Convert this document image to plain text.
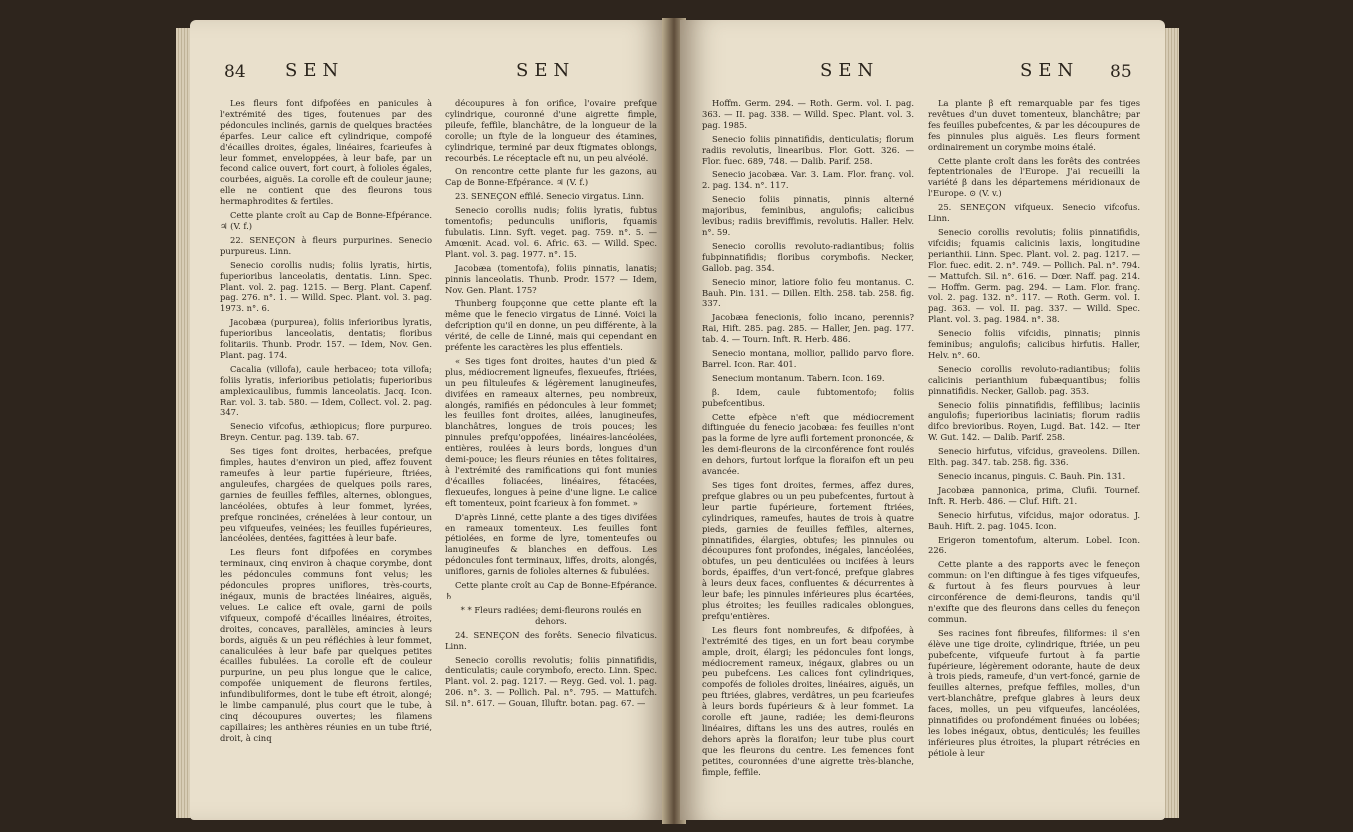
84 SEN	SEN

Les fleurs font difpofées en panicules à l'extrémité des tiges, foutenues par des pédoncules inclinés, garnis de quelques bractées éparfes. Leur calice eft cylindrique, compofé d'écailles droites, égales, linéaires, fcarieufes à leur fommet, enveloppées, à leur bafe, par un fecond calice ouvert, fort court, à folioles égales, courbées, aiguës. La corolle eft de couleur jaune; elle ne contient que des fleurons tous hermaphrodites & fertiles.

Cette plante croît au Cap de Bonne-Efpérance. ♃ (V. f.)

22. SENEÇON à fleurs purpurines. Senecio purpureus. Linn.

Senecio corollis nudis; foliis lyratis, hirtis, fuperioribus lanceolatis, dentatis. Linn. Spec. Plant. vol. 2. pag. 1215. — Berg. Plant. Capenf. pag. 276. n°. 1. — Willd. Spec. Plant. vol. 3. pag. 1973. n°. 6.

Jacobæa (purpurea), foliis inferioribus lyratis, fuperioribus lanceolatis, dentatis; floribus folitariis. Thunb. Prodr. 157. — Idem, Nov. Gen. Plant. pag. 174.

Cacalia (villofa), caule herbaceo; tota villofa; foliis lyratis, inferioribus petiolatis; fuperioribus amplexicaulibus, fummis lanceolatis. Jacq. Icon. Rar. vol. 3. tab. 580. — Idem, Collect. vol. 2. pag. 347.

Senecio vifcofus, æthiopicus; flore purpureo. Breyn. Centur. pag. 139. tab. 67.

Ses tiges font droites, herbacées, prefque fimples, hautes d'environ un pied, affez fouvent rameufes à leur partie fupérieure, ftriées, anguleufes, chargées de quelques poils rares, garnies de feuilles feffiles, alternes, oblongues, lancéolées, obtufes à leur fommet, lyrées, prefque roncinées, crénelées à leur contour, un peu vifqueufes, veinées; les feuilles fupérieures, lancéolées, dentées, fagittées à leur bafe.

Les fleurs font difpofées en corymbes terminaux, cinq environ à chaque corymbe, dont les pédoncules communs font velus; les pédoncules propres uniflores, très-courts, inégaux, munis de bractées linéaires, aiguës, velues. Le calice eft ovale, garni de poils vifqueux, compofé d'écailles linéaires, étroites, droites, concaves, parallèles, amincies à leurs bords, aiguës & un peu réfléchies à leur fommet, canaliculées à leur bafe par quelques petites écailles fubulées. La corolle eft de couleur purpurine, un peu plus longue que le calice, compofée uniquement de fleurons fertiles, infundibuliformes, dont le tube eft étroit, alongé; le limbe campanulé, plus court que le tube, à cinq découpures ouvertes; les filamens capillaires; les anthères réunies en un tube ftrié, droit, à cinq

découpures à fon orifice, l'ovaire prefque cylindrique, couronné d'une aigrette fimple, pileufe, feffile, blanchâtre, de la longueur de la corolle; un ftyle de la longueur des étamines, cylindrique, terminé par deux ftigmates oblongs, recourbés. Le réceptacle eft nu, un peu alvéolé.

On rencontre cette plante fur les gazons, au Cap de Bonne-Efpérance. ♃ (V. f.)

23. SENEÇON effilé. Senecio virgatus. Linn.

Senecio corollis nudis; foliis lyratis, fubtus tomentofis; pedunculis unifloris, fquamis fubulatis. Linn. Syft. veget. pag. 759. n°. 5. — Amœnit. Acad. vol. 6. Afric. 63. — Willd. Spec. Plant. vol. 3. pag. 1977. n°. 15.

Jacobæa (tomentofa), foliis pinnatis, lanatis; pinnis lanceolatis. Thunb. Prodr. 157? — Idem, Nov. Gen. Plant. 175?

Thunberg foupçonne que cette plante eft la même que le fenecio virgatus de Linné. Voici la defcription qu'il en donne, un peu différente, à la vérité, de celle de Linné, mais qui cependant en préfente les caractères les plus effentiels.

« Ses tiges font droites, hautes d'un pied & plus, médiocrement ligneufes, flexueufes, ftriées, un peu filtuleufes & légèrement lanugineufes, divifées en rameaux alternes, peu nombreux, alongés, ramifiés en pédoncules à leur fommet; les feuilles font droites, ailées, lanugineufes, blanchâtres, longues de trois pouces; les pinnules prefqu'oppofées, linéaires-lancéolées, entières, roulées à leurs bords, longues d'un demi-pouce; les fleurs réunies en têtes folitaires, à l'extrémité des ramifications qui font munies d'écailles foliacées, linéaires, fétacées, flexueufes, longues à peine d'une ligne. Le calice eft tomenteux, point fcarieux à fon fommet. »

D'après Linné, cette plante a des tiges divifées en rameaux tomenteux. Les feuilles font pétiolées, en forme de lyre, tomenteufes ou lanugineufes & blanches en deffous. Les pédoncules font terminaux, liffes, droits, alongés, uniflores, garnis de folioles alternes & fubulées.

Cette plante croît au Cap de Bonne-Efpérance. ♄

* * Fleurs radiées; demi-fleurons roulés en dehors.

24. SENEÇON des forêts. Senecio filvaticus. Linn.

Senecio corollis revolutis; foliis pinnatifidis, denticulatis; caule corymbofo, erecto. Linn. Spec. Plant. vol. 2. pag. 1217. — Reyg. Ged. vol. 1. pag. 206. n°. 3. — Pollich. Pal. n°. 795. — Mattufch. Sil. n°. 617. — Gouan, Illuftr. botan. pag. 67. —

SEN	SEN 85

Hoffm. Germ. 294. — Roth. Germ. vol. I. pag. 363. — II. pag. 338. — Willd. Spec. Plant. vol. 3. pag. 1985.

Senecio foliis pinnatifidis, denticulatis; florum radiis revolutis, linearibus. Flor. Gott. 326. — Flor. fuec. 689, 748. — Dalib. Parif. 258.

Senecio jacobæa. Var. 3. Lam. Flor. franç. vol. 2. pag. 134. n°. 117.

Senecio foliis pinnatis, pinnis alterné majoribus, feminibus, angulofis; calicibus levibus; radiis breviffimis, revolutis. Haller. Helv. n°. 59.

Senecio corollis revoluto-radiantibus; foliis fubpinnatifidis; floribus corymbofis. Necker, Gallob. pag. 354.

Senecio minor, latiore folio feu montanus. C. Bauh. Pin. 131. — Dillen. Elth. 258. tab. 258. fig. 337.

Jacobæa fenecionis, folio incano, perennis? Rai, Hift. 285. pag. 285. — Haller, Jen. pag. 177. tab. 4. — Tourn. Inft. R. Herb. 486.

Senecio montana, mollior, pallido parvo flore. Barrel. Icon. Rar. 401.

Senecium montanum. Tabern. Icon. 169.

β. Idem, caule fubtomentofo; foliis pubefcentibus.

Cette efpèce n'eft que médiocrement diftinguée du fenecio jacobæa: fes feuilles n'ont pas la forme de lyre aufli fortement prononcée, & les demi-fleurons de la circonférence font roulés en dehors, furtout lorfque la floraifon eft un peu avancée.

Ses tiges font droites, fermes, affez dures, prefque glabres ou un peu pubefcentes, furtout à leur partie fupérieure, fortement ftriées, cylindriques, rameufes, hautes de trois à quatre pieds, garnies de feuilles feffiles, alternes, pinnatifides, élargies, obtufes; les pinnules ou découpures font profondes, inégales, lancéolées, obtufes, un peu denticulées ou incifées à leurs bords, épaiffes, d'un vert-foncé, prefque glabres à leurs deux faces, confluentes & décurrentes à leur bafe; les pinnules inférieures plus écartées, plus étroites; les feuilles radicales oblongues, prefqu'entières.

Les fleurs font nombreufes, & difpofées, à l'extrémité des tiges, en un fort beau corymbe ample, droit, élargi; les pédoncules font longs, médiocrement rameux, inégaux, glabres ou un peu pubefcens. Les calices font cylindriques, compofés de folioles droites, linéaires, aiguës, un peu ftriées, glabres, verdâtres, un peu fcarieufes à leurs bords fupérieurs & à leur fommet. La corolle eft jaune, radiée; les demi-fleurons linéaires, diftans les uns des autres, roulés en dehors après la floraifon; leur tube plus court que les fleurons du centre. Les femences font petites, couronnées d'une aigrette très-blanche, fimple, feffile.

La plante β eft remarquable par fes tiges revêtues d'un duvet tomenteux, blanchâtre; par fes feuilles pubefcentes, & par les découpures de fes pinnules plus aiguës. Les fleurs forment ordinairement un corymbe moins étalé.

Cette plante croît dans les forêts des contrées feptentrionales de l'Europe. J'ai recueilli la variété β dans les départemens méridionaux de l'Europe. ⊙ (V. v.)

25. SENEÇON vifqueux. Senecio vifcofus. Linn.

Senecio corollis revolutis; foliis pinnatifidis, vifcidis; fquamis calicinis laxis, longitudine perianthii. Linn. Spec. Plant. vol. 2. pag. 1217. — Flor. fuec. edit. 2. n°. 749. — Pollich. Pal. n°. 794. — Mattufch. Sil. n°. 616. — Dœr. Naff. pag. 214. — Hoffm. Germ. pag. 294. — Lam. Flor. franç. vol. 2. pag. 132. n°. 117. — Roth. Germ. vol. I. pag. 363. — vol. II. pag. 337. — Willd. Spec. Plant. vol. 3. pag. 1984. n°. 38.

Senecio foliis vifcidis, pinnatis; pinnis feminibus; angulofis; calicibus hirfutis. Haller, Helv. n°. 60.

Senecio corollis revoluto-radiantibus; foliis calicinis perianthium fubæquantibus; foliis pinnatifidis. Necker, Gallob. pag. 353.

Senecio foliis pinnatifidis, feffilibus; laciniis angulofis; fuperioribus laciniatis; florum radiis difco brevioribus. Royen, Lugd. Bat. 142. — Iter W. Gut. 142. — Dalib. Parif. 258.

Senecio hirfutus, vifcidus, graveolens. Dillen. Elth. pag. 347. tab. 258. fig. 336.

Senecio incanus, pinguis. C. Bauh. Pin. 131.

Jacobæa pannonica, prima, Clufii. Tournef. Inft. R. Herb. 486. — Cluf. Hift. 21.

Senecio hirfutus, vifcidus, major odoratus. J. Bauh. Hift. 2. pag. 1045. Icon.

Erigeron tomentofum, alterum. Lobel. Icon. 226.

Cette plante a des rapports avec le feneçon commun: on l'en diftingue à fes tiges vifqueufes, & furtout à fes fleurs pourvues à leur circonférence de demi-fleurons, tandis qu'il n'exifte que des fleurons dans celles du feneçon commun.

Ses racines font fibreufes, filiformes: il s'en élève une tige droite, cylindrique, ftriée, un peu pubefcente, vifqueufe furtout à fa partie fupérieure, légèrement odorante, haute de deux à trois pieds, rameufe, d'un vert-foncé, garnie de feuilles alternes, prefque feffiles, molles, d'un vert-blanchâtre, prefque glabres à leurs deux faces, molles, un peu vifqueufes, lancéolées, pinnatifides ou profondément finuées ou lobées; les lobes inégaux, obtus, denticulés; les feuilles inférieures plus étroites, la plupart rétrécies en pétiole à leur
